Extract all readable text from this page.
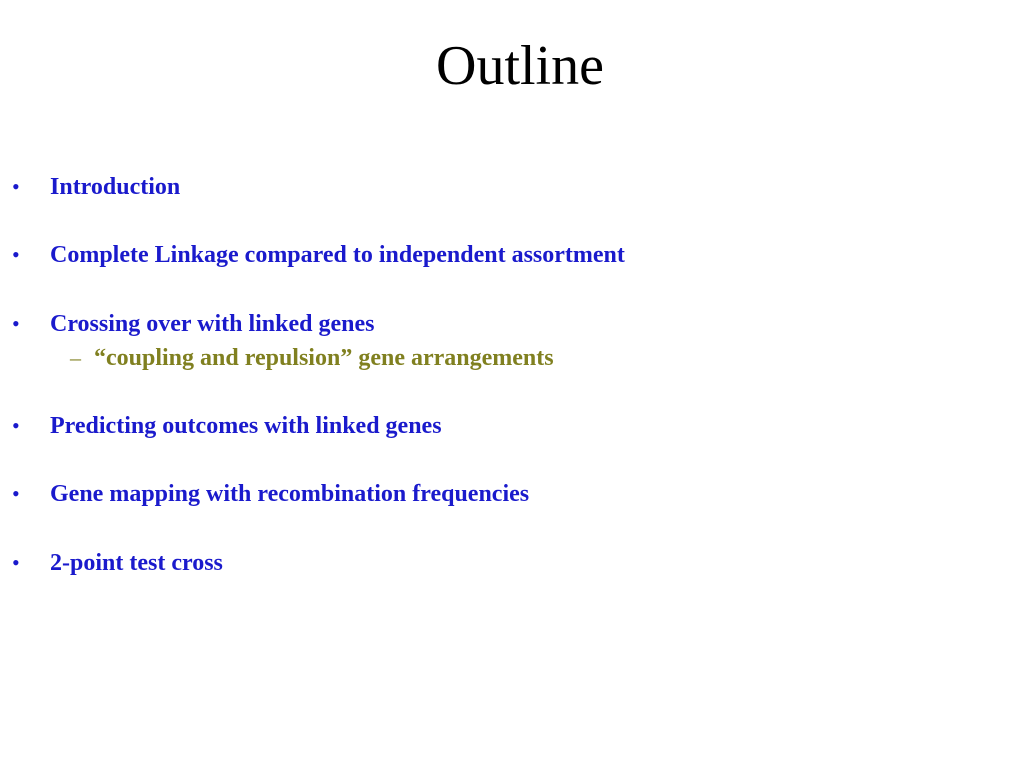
Outline
• Introduction
• Complete Linkage compared to independent assortment
• Crossing over with linked genes
– “coupling and repulsion” gene arrangements
• Predicting outcomes with linked genes
• Gene mapping with recombination frequencies
• 2-point test cross
